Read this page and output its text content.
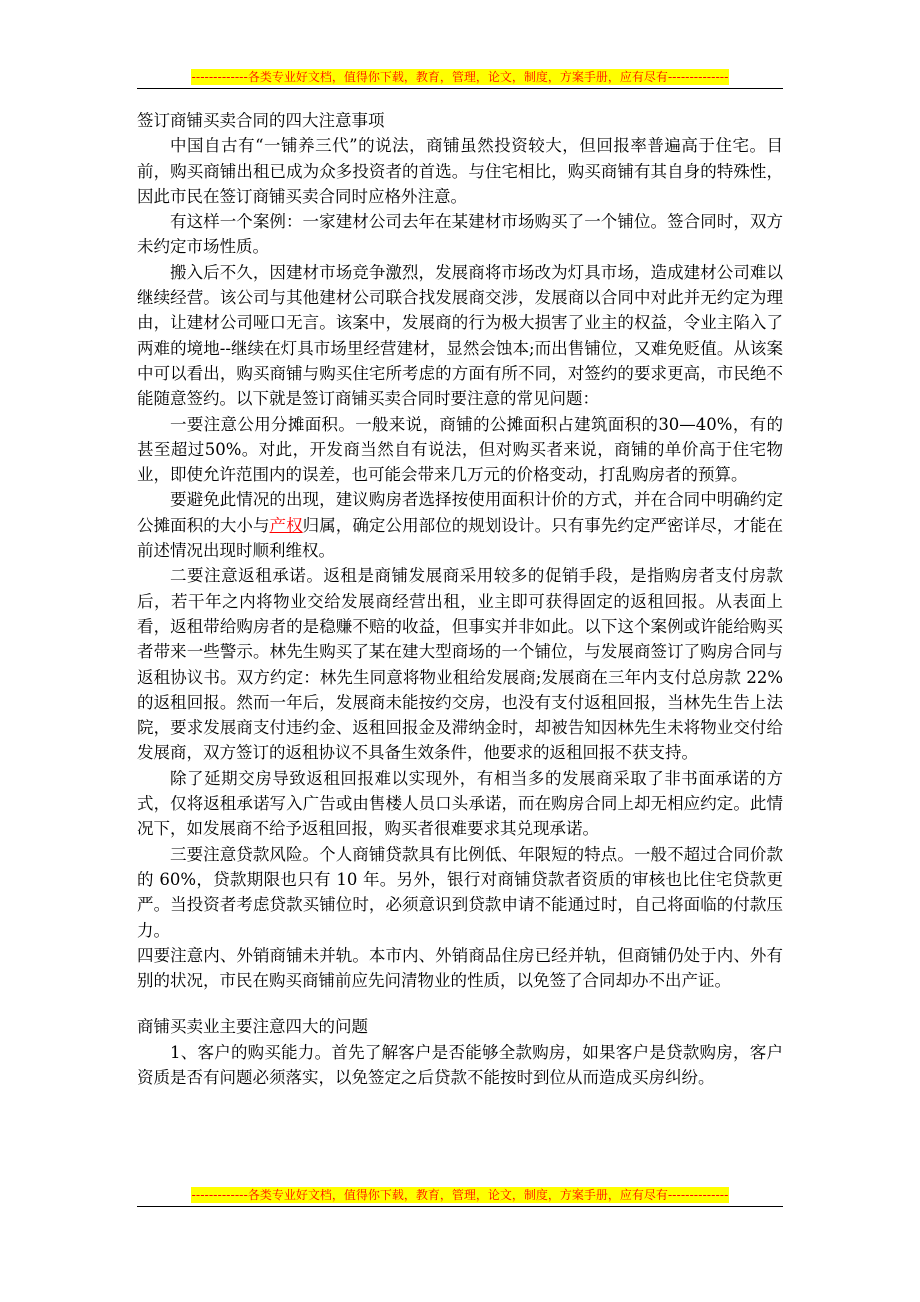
-------------各类专业好文档，值得你下载，教育，管理，论文，制度，方案手册，应有尽有--------------

签订商铺买卖合同的四大注意事项

中国自古有“一铺养三代”的说法，商铺虽然投资较大，但回报率普遍高于住宅。目前，购买商铺出租已成为众多投资者的首选。与住宅相比，购买商铺有其自身的特殊性，因此市民在签订商铺买卖合同时应格外注意。

有这样一个案例：一家建材公司去年在某建材市场购买了一个铺位。签合同时，双方未约定市场性质。

搬入后不久，因建材市场竞争激烈，发展商将市场改为灯具市场，造成建材公司难以继续经营。该公司与其他建材公司联合找发展商交涉，发展商以合同中对此并无约定为理由，让建材公司哑口无言。该案中，发展商的行为极大损害了业主的权益，令业主陷入了两难的境地--继续在灯具市场里经营建材，显然会蚀本;而出售铺位，又难免贬值。从该案中可以看出，购买商铺与购买住宅所考虑的方面有所不同，对签约的要求更高，市民绝不能随意签约。以下就是签订商铺买卖合同时要注意的常见问题：

一要注意公用分摊面积。一般来说，商铺的公摊面积占建筑面积的30—40%，有的甚至超过50%。对此，开发商当然自有说法，但对购买者来说，商铺的单价高于住宅物业，即使允许范围内的误差，也可能会带来几万元的价格变动，打乱购房者的预算。

要避免此情况的出现，建议购房者选择按使用面积计价的方式，并在合同中明确约定公摊面积的大小与产权归属，确定公用部位的规划设计。只有事先约定严密详尽，才能在前述情况出现时顺利维权。

二要注意返租承诺。返租是商铺发展商采用较多的促销手段，是指购房者支付房款后，若干年之内将物业交给发展商经营出租，业主即可获得固定的返租回报。从表面上看，返租带给购房者的是稳赚不赔的收益，但事实并非如此。以下这个案例或许能给购买者带来一些警示。林先生购买了某在建大型商场的一个铺位，与发展商签订了购房合同与返租协议书。双方约定：林先生同意将物业租给发展商;发展商在三年内支付总房款 22%的返租回报。然而一年后，发展商未能按约交房，也没有支付返租回报，当林先生告上法院，要求发展商支付违约金、返租回报金及滞纳金时，却被告知因林先生未将物业交付给发展商，双方签订的返租协议不具备生效条件，他要求的返租回报不获支持。

除了延期交房导致返租回报难以实现外，有相当多的发展商采取了非书面承诺的方式，仅将返租承诺写入广告或由售楼人员口头承诺，而在购房合同上却无相应约定。此情况下，如发展商不给予返租回报，购买者很难要求其兑现承诺。

三要注意贷款风险。个人商铺贷款具有比例低、年限短的特点。一般不超过合同价款的 60%，贷款期限也只有 10 年。另外，银行对商铺贷款者资质的审核也比住宅贷款更严。当投资者考虑贷款买铺位时，必须意识到贷款申请不能通过时，自己将面临的付款压力。

四要注意内、外销商铺未并轨。本市内、外销商品住房已经并轨，但商铺仍处于内、外有别的状况，市民在购买商铺前应先问清物业的性质，以免签了合同却办不出产证。

商铺买卖业主要注意四大的问题

1、客户的购买能力。首先了解客户是否能够全款购房，如果客户是贷款购房，客户资质是否有问题必须落实，以免签定之后贷款不能按时到位从而造成买房纠纷。

-------------各类专业好文档，值得你下载，教育，管理，论文，制度，方案手册，应有尽有--------------
